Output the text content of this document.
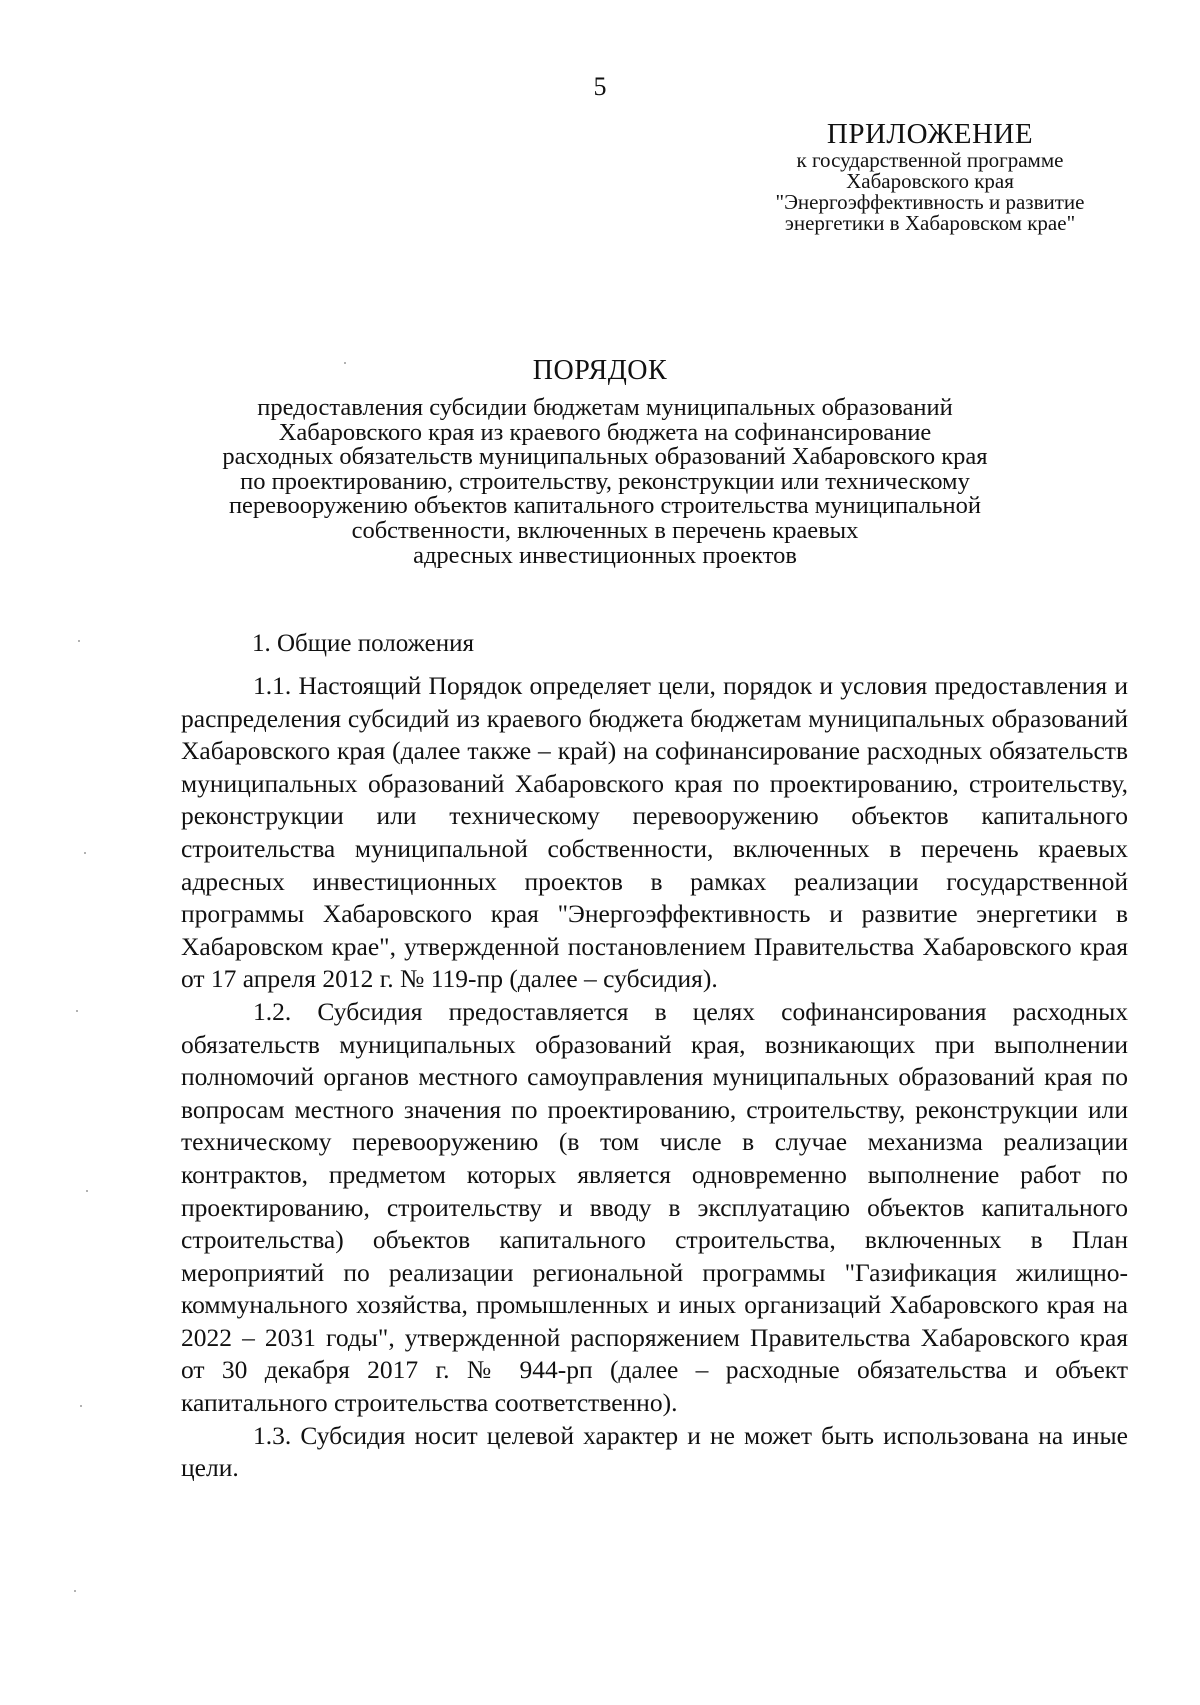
5
ПРИЛОЖЕНИЕ
к государственной программе
Хабаровского края
"Энергоэффективность и развитие
энергетики в Хабаровском крае"
ПОРЯДОК
предоставления субсидии бюджетам муниципальных образований
Хабаровского края из краевого бюджета на софинансирование
расходных обязательств муниципальных образований Хабаровского края
по проектированию, строительству, реконструкции или техническому
перевооружению объектов капитального строительства муниципальной
собственности, включенных в перечень краевых
адресных инвестиционных проектов
1. Общие положения

1.1. Настоящий Порядок определяет цели, порядок и условия предоставления и распределения субсидий из краевого бюджета бюджетам муниципальных образований Хабаровского края (далее также – край) на софинансирование расходных обязательств муниципальных образований Хабаровского края по проектированию, строительству, реконструкции или техническому перевооружению объектов капитального строительства муниципальной собственности, включенных в перечень краевых адресных инвестиционных проектов в рамках реализации государственной программы Хабаровского края "Энергоэффективность и развитие энергетики в Хабаровском крае", утвержденной постановлением Правительства Хабаровского края от 17 апреля 2012 г. № 119-пр (далее – субсидия).

1.2. Субсидия предоставляется в целях софинансирования расходных обязательств муниципальных образований края, возникающих при выполнении полномочий органов местного самоуправления муниципальных образований края по вопросам местного значения по проектированию, строительству, реконструкции или техническому перевооружению (в том числе в случае механизма реализации контрактов, предметом которых является одновременно выполнение работ по проектированию, строительству и вводу в эксплуатацию объектов капитального строительства) объектов капитального строительства, включенных в План мероприятий по реализации региональной программы "Газификация жилищно-коммунального хозяйства, промышленных и иных организаций Хабаровского края на 2022 – 2031 годы", утвержденной распоряжением Правительства Хабаровского края от 30 декабря 2017 г. № 944-рп (далее – расходные обязательства и объект капитального строительства соответственно).

1.3. Субсидия носит целевой характер и не может быть использована на иные цели.
